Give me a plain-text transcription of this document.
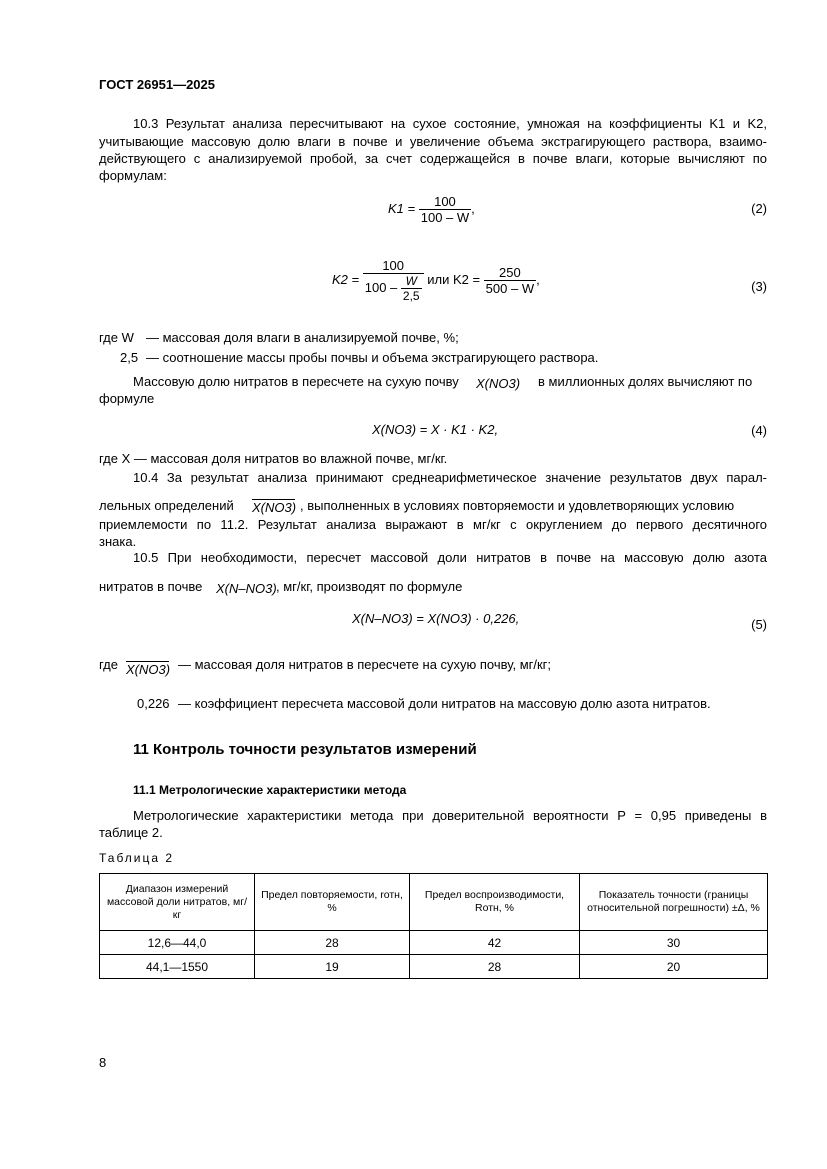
ГОСТ 26951—2025
10.3 Результат анализа пересчитывают на сухое состояние, умножая на коэффициенты K1 и K2,
учитывающие массовую долю влаги в почве и увеличение объема экстрагирующего раствора, взаимо-
действующего с анализируемой пробой, за счет содержащейся в почве влаги, которые вычисляют по
формулам:
$K1 = \frac{100}{100 - W}$ ,	(2)
$K2 = \frac{100}{100 - \frac{W}{2,5}}$ или $K2 = \frac{250}{500 - W}$ ,	(3)
где W — массовая доля влаги в анализируемой почве, %;
2,5 — соотношение массы пробы почвы и объема экстрагирующего раствора.
Массовую долю нитратов в пересчете на сухую почву X(NO3) в миллионных долях вычисляют по
формуле
X(NO3) = X · K1 · K2,	(4)
где X — массовая доля нитратов во влажной почве, мг/кг.
10.4 За результат анализа принимают среднеарифметическое значение результатов двух парал-
лельных определений X(NO3) , выполненных в условиях повторяемости и удовлетворяющих условию
приемлемости по 11.2. Результат анализа выражают в мг/кг с округлением до первого десятичного
знака.
10.5 При необходимости, пересчет массовой доли нитратов в почве на массовую долю азота
нитратов в почве X(N–NO3) , мг/кг, производят по формуле
X(N–NO3) = X(NO3) · 0,226,	(5)
где X(NO3) — массовая доля нитратов в пересчете на сухую почву, мг/кг;
0,226 — коэффициент пересчета массовой доли нитратов на массовую долю азота нитратов.
11 Контроль точности результатов измерений
11.1 Метрологические характеристики метода
Метрологические характеристики метода при доверительной вероятности P = 0,95 приведены в
таблице 2.
Таблица 2
Диапазон измерений массовой доли нитратов, мг/кг	Предел повторяемости, rотн, %	Предел воспроизводимости, Rотн, %	Показатель точности (границы относительной погрешности) ±Δ, %
12,6—44,0	28	42	30
44,1—1550	19	28	20
8
